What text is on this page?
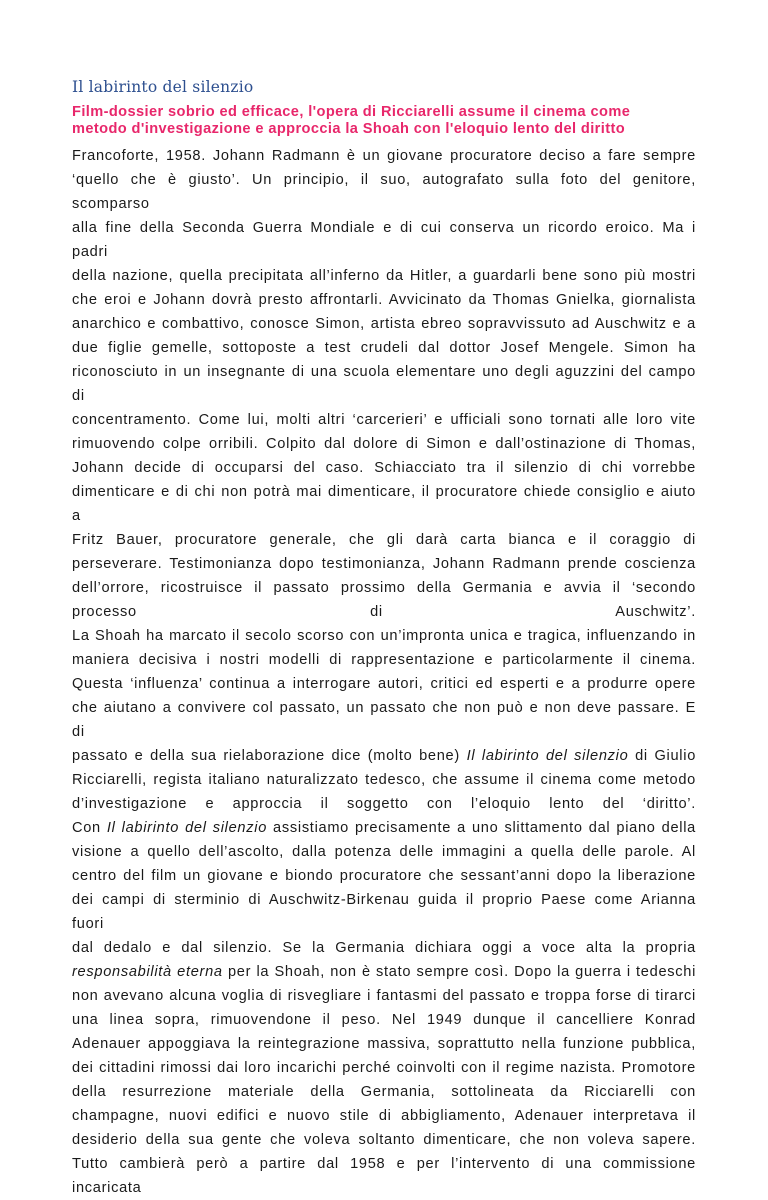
Il labirinto del silenzio
Film-dossier sobrio ed efficace, l'opera di Ricciarelli assume il cinema come
metodo d'investigazione e approccia la Shoah con l'eloquio lento del diritto
Francoforte, 1958. Johann Radmann è un giovane procuratore deciso a fare sempre
‘quello che è giusto’. Un principio, il suo, autografato sulla foto del genitore, scomparso
alla fine della Seconda Guerra Mondiale e di cui conserva un ricordo eroico. Ma i padri
della nazione, quella precipitata all’inferno da Hitler, a guardarli bene sono più mostri
che eroi e Johann dovrà presto affrontarli. Avvicinato da Thomas Gnielka, giornalista
anarchico e combattivo, conosce Simon, artista ebreo sopravvissuto ad Auschwitz e a
due figlie gemelle, sottoposte a test crudeli dal dottor Josef Mengele. Simon ha
riconosciuto in un insegnante di una scuola elementare uno degli aguzzini del campo di
concentramento. Come lui, molti altri ‘carcerieri’ e ufficiali sono tornati alle loro vite
rimuovendo colpe orribili. Colpito dal dolore di Simon e dall’ostinazione di Thomas,
Johann decide di occuparsi del caso. Schiacciato tra il silenzio di chi vorrebbe
dimenticare e di chi non potrà mai dimenticare, il procuratore chiede consiglio e aiuto a
Fritz Bauer, procuratore generale, che gli darà carta bianca e il coraggio di
perseverare. Testimonianza dopo testimonianza, Johann Radmann prende coscienza
dell’orrore, ricostruisce il passato prossimo della Germania e avvia il ‘secondo
processo di Auschwitz’.
La Shoah ha marcato il secolo scorso con un’impronta unica e tragica, influenzando in
maniera decisiva i nostri modelli di rappresentazione e particolarmente il cinema.
Questa ‘influenza’ continua a interrogare autori, critici ed esperti e a produrre opere
che aiutano a convivere col passato, un passato che non può e non deve passare. E di
passato e della sua rielaborazione dice (molto bene) Il labirinto del silenzio di Giulio
Ricciarelli, regista italiano naturalizzato tedesco, che assume il cinema come metodo
d’investigazione e approccia il soggetto con l’eloquio lento del ‘diritto’.
Con Il labirinto del silenzio assistiamo precisamente a uno slittamento dal piano della
visione a quello dell’ascolto, dalla potenza delle immagini a quella delle parole. Al
centro del film un giovane e biondo procuratore che sessant’anni dopo la liberazione
dei campi di sterminio di Auschwitz-Birkenau guida il proprio Paese come Arianna fuori
dal dedalo e dal silenzio. Se la Germania dichiara oggi a voce alta la propria
responsabilità eterna per la Shoah, non è stato sempre così. Dopo la guerra i tedeschi
non avevano alcuna voglia di risvegliare i fantasmi del passato e troppa forse di tirarci
una linea sopra, rimuovendone il peso. Nel 1949 dunque il cancelliere Konrad
Adenauer appoggiava la reintegrazione massiva, soprattutto nella funzione pubblica,
dei cittadini rimossi dai loro incarichi perché coinvolti con il regime nazista. Promotore
della resurrezione materiale della Germania, sottolineata da Ricciarelli con
champagne, nuovi edifici e nuovo stile di abbigliamento, Adenauer interpretava il
desiderio della sua gente che voleva soltanto dimenticare, che non voleva sapere.
Tutto cambierà però a partire dal 1958 e per l’intervento di una commissione incaricata
